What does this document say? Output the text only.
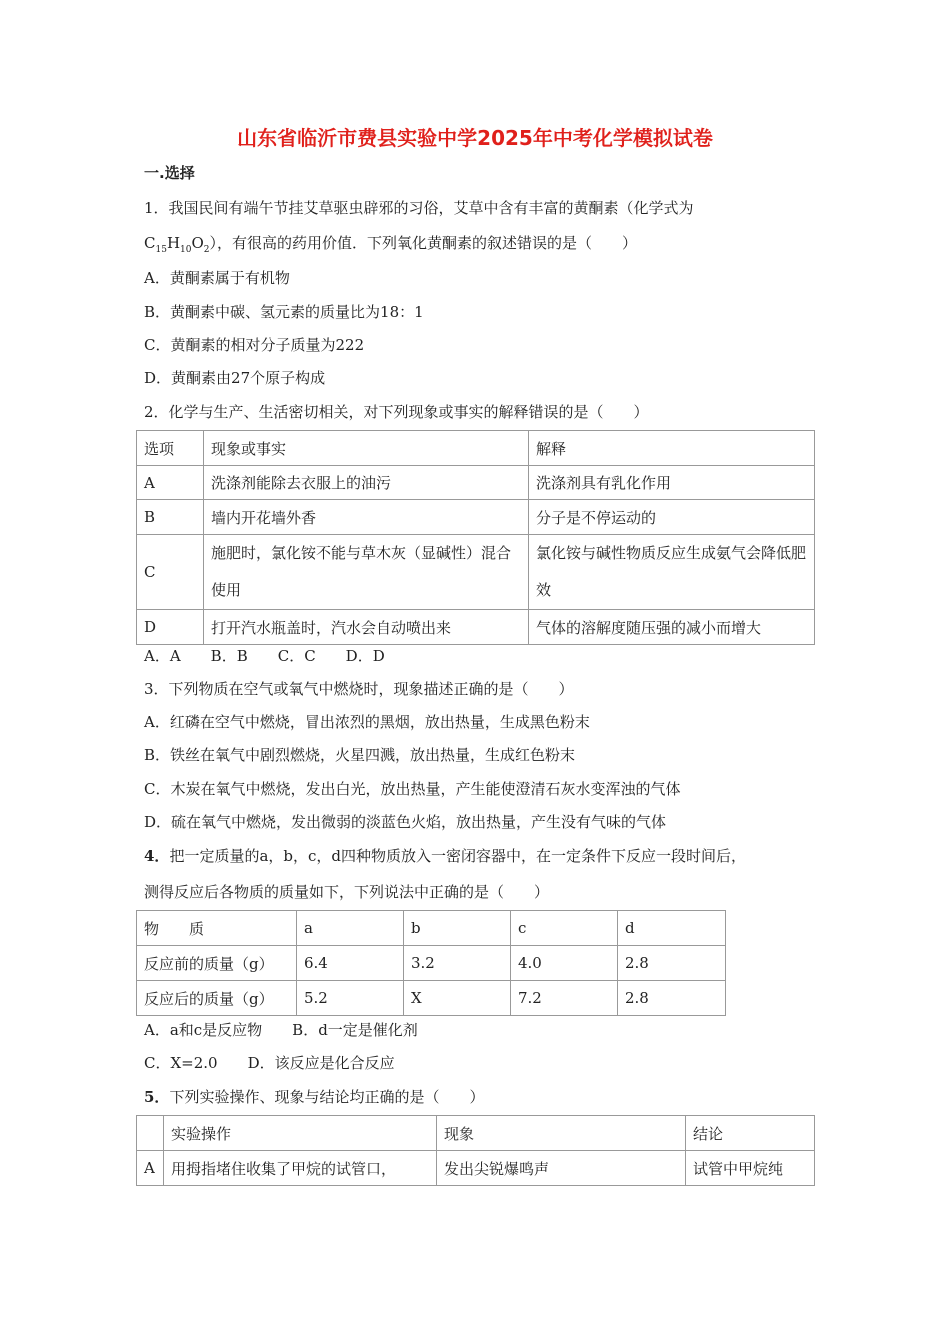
山东省临沂市费县实验中学2025年中考化学模拟试卷
一.选择
1．我国民间有端午节挂艾草驱虫辟邪的习俗，艾草中含有丰富的黄酮素（化学式为
$C_{15}H_{10}O_2$），有很高的药用价值．下列氧化黄酮素的叙述错误的是（　　）
A．黄酮素属于有机物
B．黄酮素中碳、氢元素的质量比为18：1
C．黄酮素的相对分子质量为222
D．黄酮素由27个原子构成
2．化学与生产、生活密切相关，对下列现象或事实的解释错误的是（　　）
选项	现象或事实	解释
A	洗涤剂能除去衣服上的油污	洗涤剂具有乳化作用
B	墙内开花墙外香	分子是不停运动的
C	施肥时，氯化铵不能与草木灰（显碱性）混合使用	氯化铵与碱性物质反应生成氨气会降低肥效
D	打开汽水瓶盖时，汽水会自动喷出来	气体的溶解度随压强的减小而增大
A．A　　B．B　　C．C　　D．D
3．下列物质在空气或氧气中燃烧时，现象描述正确的是（　　）
A．红磷在空气中燃烧，冒出浓烈的黑烟，放出热量，生成黑色粉末
B．铁丝在氧气中剧烈燃烧，火星四溅，放出热量，生成红色粉末
C．木炭在氧气中燃烧，发出白光，放出热量，产生能使澄清石灰水变浑浊的气体
D．硫在氧气中燃烧，发出微弱的淡蓝色火焰，放出热量，产生没有气味的气体
4．把一定质量的a，b，c，d四种物质放入一密闭容器中，在一定条件下反应一段时间后，
测得反应后各物质的质量如下，下列说法中正确的是（　　）
物　　质	a	b	c	d
反应前的质量（g）	6.4	3.2	4.0	2.8
反应后的质量（g）	5.2	X	7.2	2.8
A．a和c是反应物　　B．d一定是催化剂
C．X=2.0　　D．该反应是化合反应
5．下列实验操作、现象与结论均正确的是（　　）
	实验操作	现象	结论
A	用拇指堵住收集了甲烷的试管口，	发出尖锐爆鸣声	试管中甲烷纯
